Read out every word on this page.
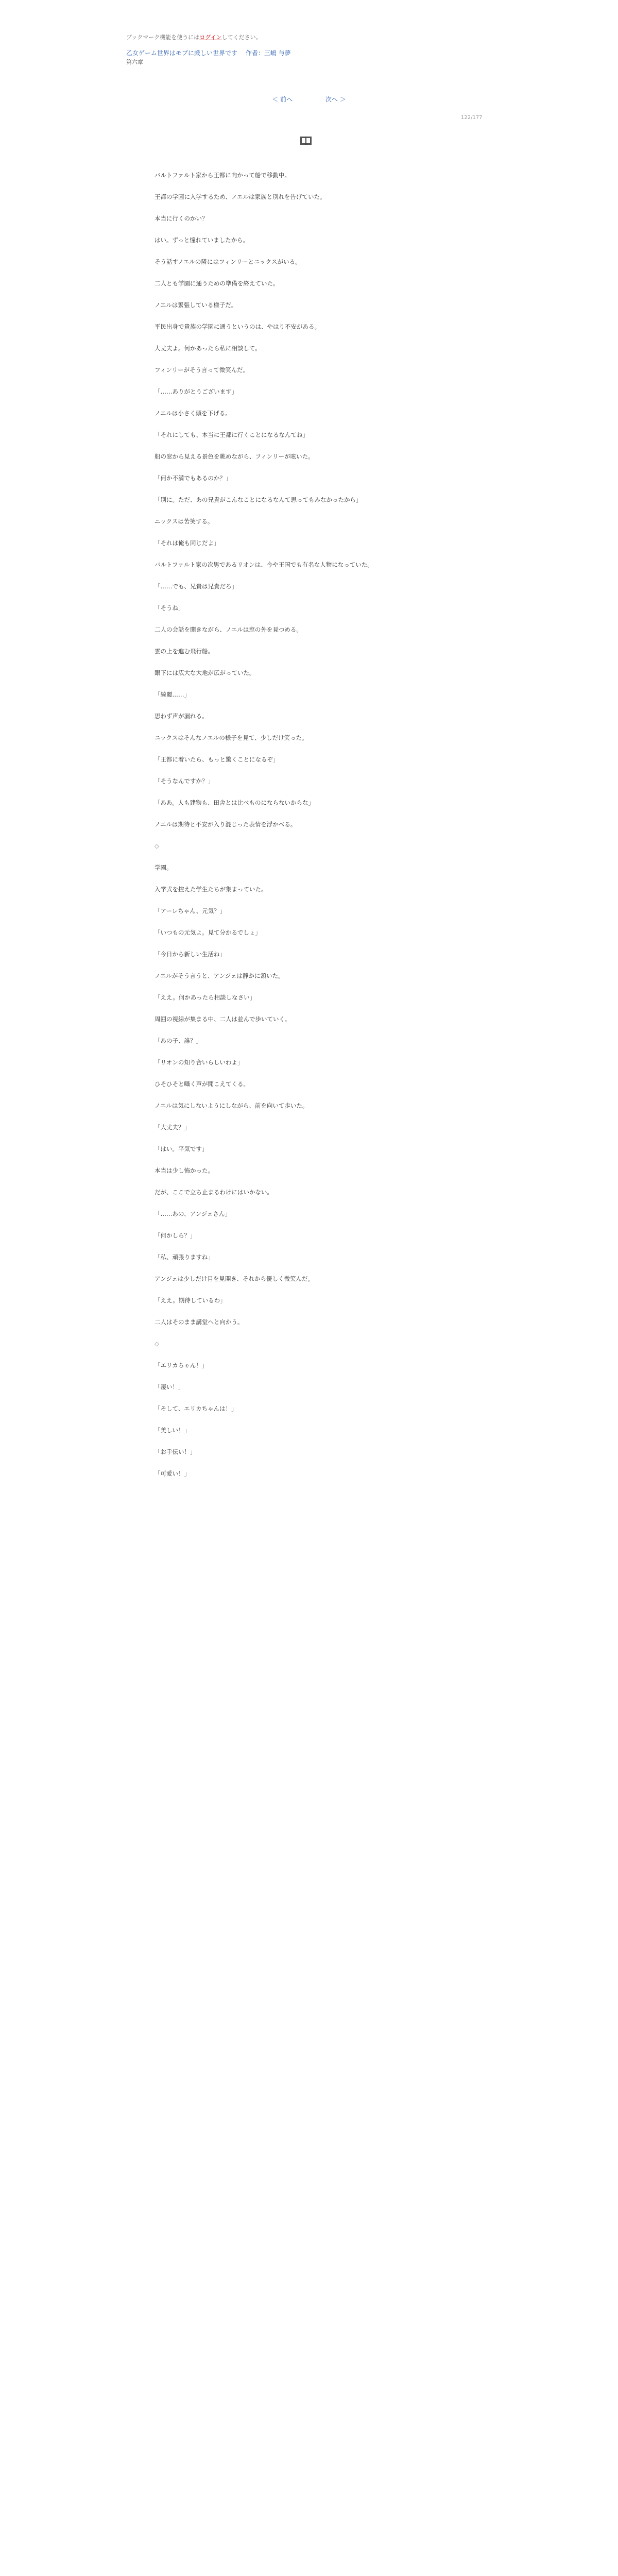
ブックマーク機能を使うにはログインしてください。
乙女ゲーム世界はモブに厳しい世界です 作者：三嶋 与夢
第六章
＜ 前へ	次へ ＞
122/177

バルトファルト家から王都に向かって船で移動中。

王都の学園に入学するため、ノエルは家族と別れを告げていた。

本当に行くのかい？

はい。ずっと憧れていましたから。

そう話すノエルの隣にはフィンリーとニックスがいる。

二人とも学園に通うための準備を終えていた。

ノエルは緊張している様子だ。

平民出身で貴族の学園に通うというのは、やはり不安がある。

大丈夫よ。何かあったら私に相談して。

フィンリーがそう言って微笑んだ。

「……ありがとうございます」

ノエルは小さく頭を下げる。

「それにしても、本当に王都に行くことになるなんてね」

船の窓から見える景色を眺めながら、フィンリーが呟いた。

「何か不満でもあるのか？」

「別に。ただ、あの兄貴がこんなことになるなんて思ってもみなかったから」

ニックスは苦笑する。

「それは俺も同じだよ」

バルトファルト家の次男であるリオンは、今や王国でも有名な人物になっていた。

「……でも、兄貴は兄貴だろ」

「そうね」

二人の会話を聞きながら、ノエルは窓の外を見つめる。

雲の上を進む飛行船。

眼下には広大な大地が広がっていた。

「綺麗……」

思わず声が漏れる。

ニックスはそんなノエルの様子を見て、少しだけ笑った。

「王都に着いたら、もっと驚くことになるぞ」

「そうなんですか？」

「ああ。人も建物も、田舎とは比べものにならないからな」

ノエルは期待と不安が入り混じった表情を浮かべる。

◇

学園。

入学式を控えた学生たちが集まっていた。

「アーレちゃん、元気？」

「いつもの元気よ。見て分かるでしょ」

「今日から新しい生活ね」

ノエルがそう言うと、アンジェは静かに頷いた。

「ええ。何かあったら相談しなさい」

周囲の視線が集まる中、二人は並んで歩いていく。

「あの子、誰？」

「リオンの知り合いらしいわよ」

ひそひそと囁く声が聞こえてくる。

ノエルは気にしないようにしながら、前を向いて歩いた。

「大丈夫？」

「はい。平気です」

本当は少し怖かった。

だが、ここで立ち止まるわけにはいかない。

「……あの、アンジェさん」

「何かしら？」

「私、頑張りますね」

アンジェは少しだけ目を見開き、それから優しく微笑んだ。

「ええ。期待しているわ」

二人はそのまま講堂へと向かう。

◇

「エリカちゃん！」

「凄い！」

「そして、エリカちゃんは！」

「美しい！」

「お手伝い！」

「可愛い！」
